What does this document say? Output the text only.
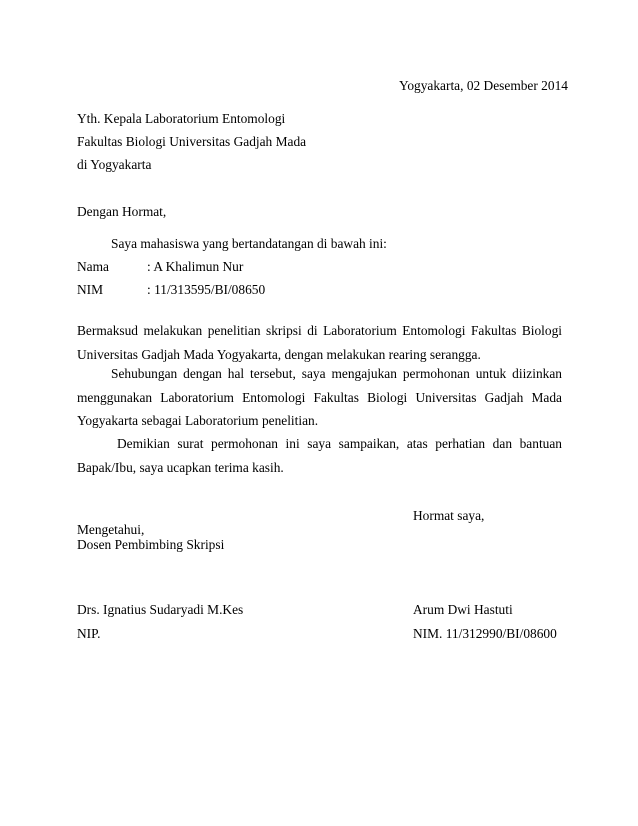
Yogyakarta, 02 Desember 2014
Yth. Kepala Laboratorium Entomologi
Fakultas Biologi Universitas Gadjah Mada
di Yogyakarta
Dengan Hormat,
Saya mahasiswa yang bertandatangan di bawah ini:
Nama	: A Khalimun Nur
NIM	: 11/313595/BI/08650
Bermaksud melakukan penelitian skripsi di Laboratorium Entomologi Fakultas Biologi Universitas Gadjah Mada Yogyakarta, dengan melakukan rearing serangga.
Sehubungan dengan hal tersebut, saya mengajukan permohonan untuk diizinkan menggunakan Laboratorium Entomologi Fakultas Biologi Universitas Gadjah Mada Yogyakarta sebagai Laboratorium penelitian.
Demikian surat permohonan ini saya sampaikan, atas perhatian dan bantuan Bapak/Ibu, saya ucapkan terima kasih.
Hormat saya,
Mengetahui,
Dosen Pembimbing Skripsi
Drs. Ignatius Sudaryadi M.Kes
NIP.
Arum Dwi Hastuti
NIM. 11/312990/BI/08600
